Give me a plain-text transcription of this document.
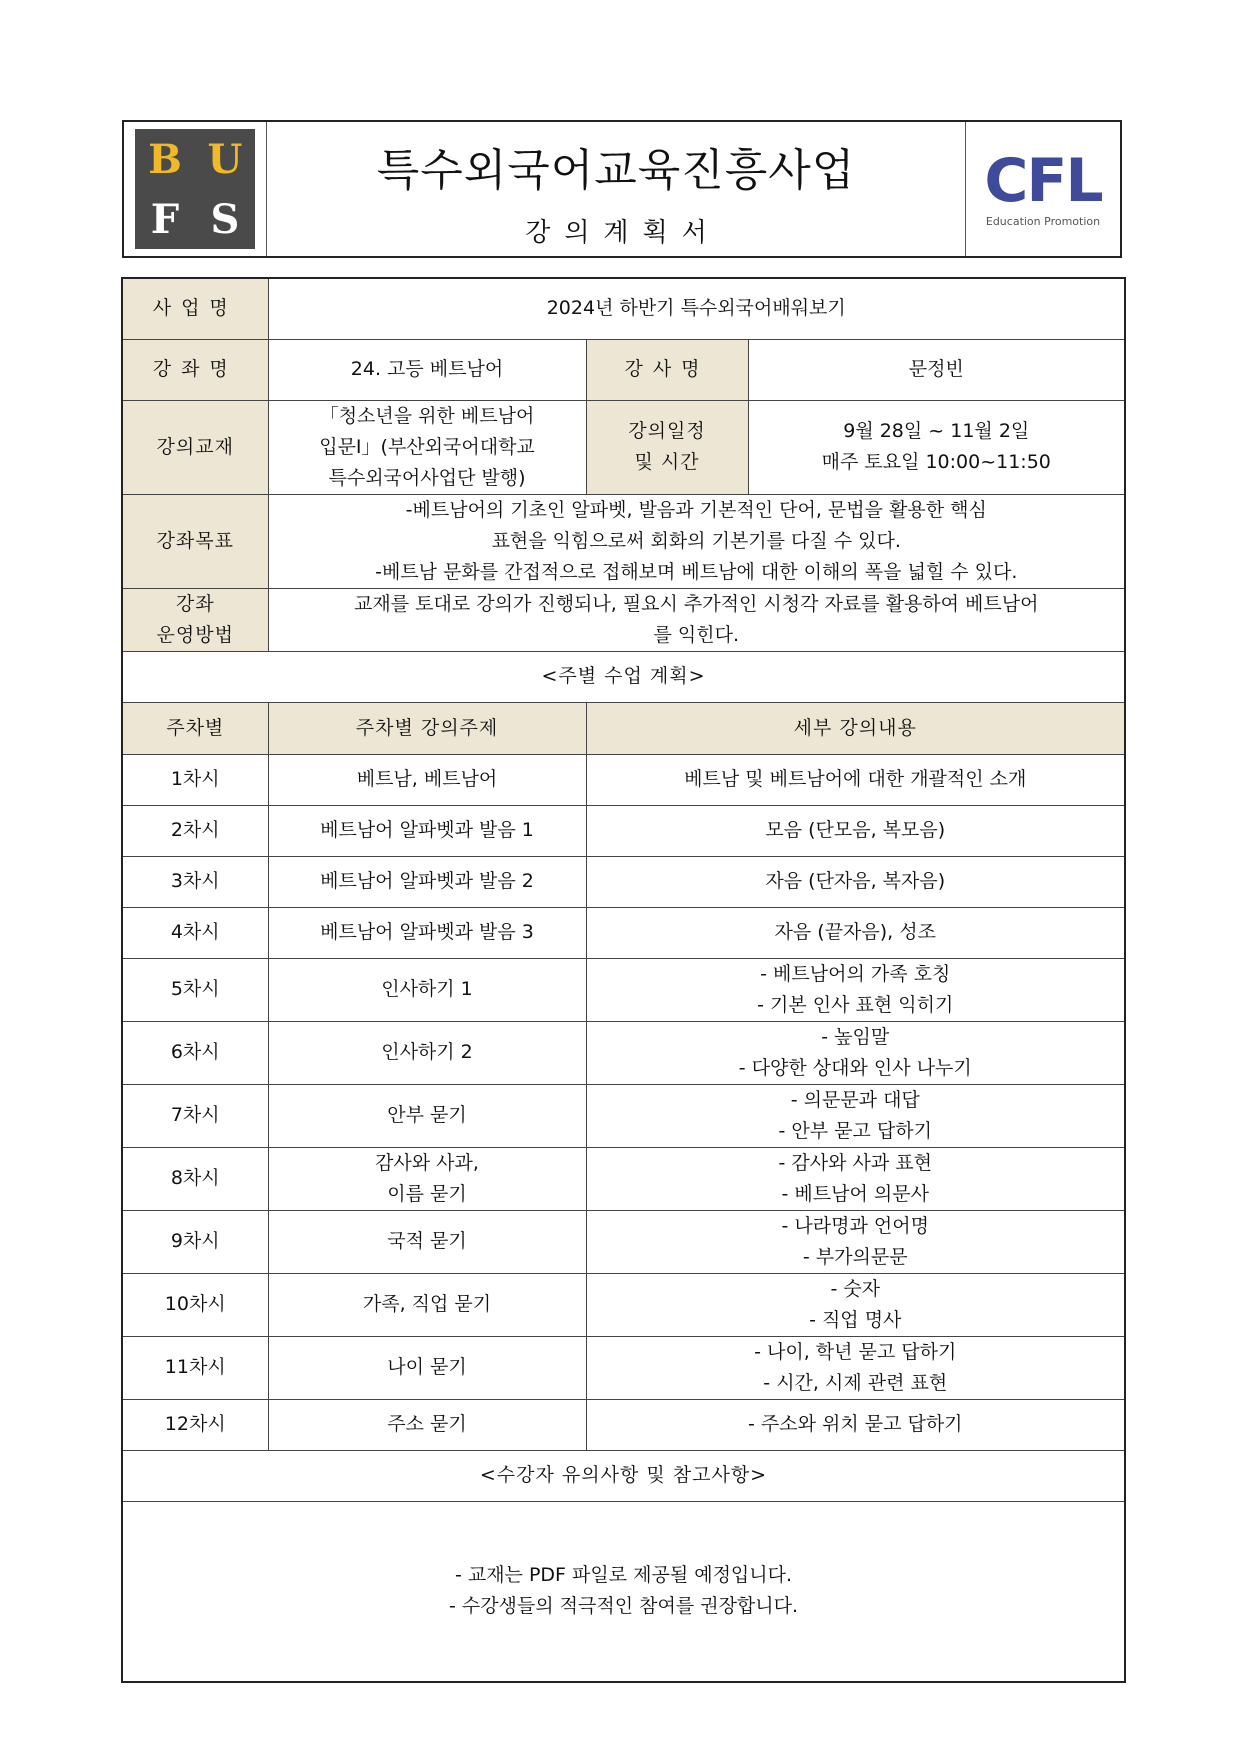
B U
F S
특수외국어교육진흥사업
강의계획서
CFL
Education Promotion
사업명	2024년 하반기 특수외국어배워보기		
강좌명	24. 고등 베트남어	강사명	문정빈
강의교재	「청소년을 위한 베트남어
입문Ⅰ」(부산외국어대학교
특수외국어사업단 발행)	강의일정
및 시간	9월 28일 ~ 11월 2일
매주 토요일 10:00~11:50

강좌목표	-베트남어의 기초인 알파벳, 발음과 기본적인 단어, 문법을 활용한 핵심
표현을 익힘으로써 회화의 기본기를 다질 수 있다.
-베트남 문화를 간접적으로 접해보며 베트남에 대한 이해의 폭을 넓힐 수 있다.		

강좌
운영방법	교재를 토대로 강의가 진행되나, 필요시 추가적인 시청각 자료를 활용하여 베트남어
를 익힌다.		

<주별 수업 계획>			
주차별	주차별 강의주제	세부 강의내용	
1차시	베트남, 베트남어	베트남 및 베트남어에 대한 개괄적인 소개	

2차시	베트남어 알파벳과 발음 1	모음 (단모음, 복모음)	

3차시	베트남어 알파벳과 발음 2	자음 (단자음, 복자음)	

4차시	베트남어 알파벳과 발음 3	자음 (끝자음), 성조	

5차시	인사하기 1	- 베트남어의 가족 호칭
- 기본 인사 표현 익히기	

6차시	인사하기 2	- 높임말
- 다양한 상대와 인사 나누기	

7차시	안부 묻기	- 의문문과 대답
- 안부 묻고 답하기	

8차시	감사와 사과,
이름 묻기	- 감사와 사과 표현
- 베트남어 의문사	

9차시	국적 묻기	- 나라명과 언어명
- 부가의문문	

10차시	가족, 직업 묻기	- 숫자
- 직업 명사	

11차시	나이 묻기	- 나이, 학년 묻고 답하기
- 시간, 시제 관련 표현	

12차시	주소 묻기	- 주소와 위치 묻고 답하기	

<수강자 유의사항 및 참고사항>			

- 교재는 PDF 파일로 제공될 예정입니다.
- 수강생들의 적극적인 참여를 권장합니다.			
